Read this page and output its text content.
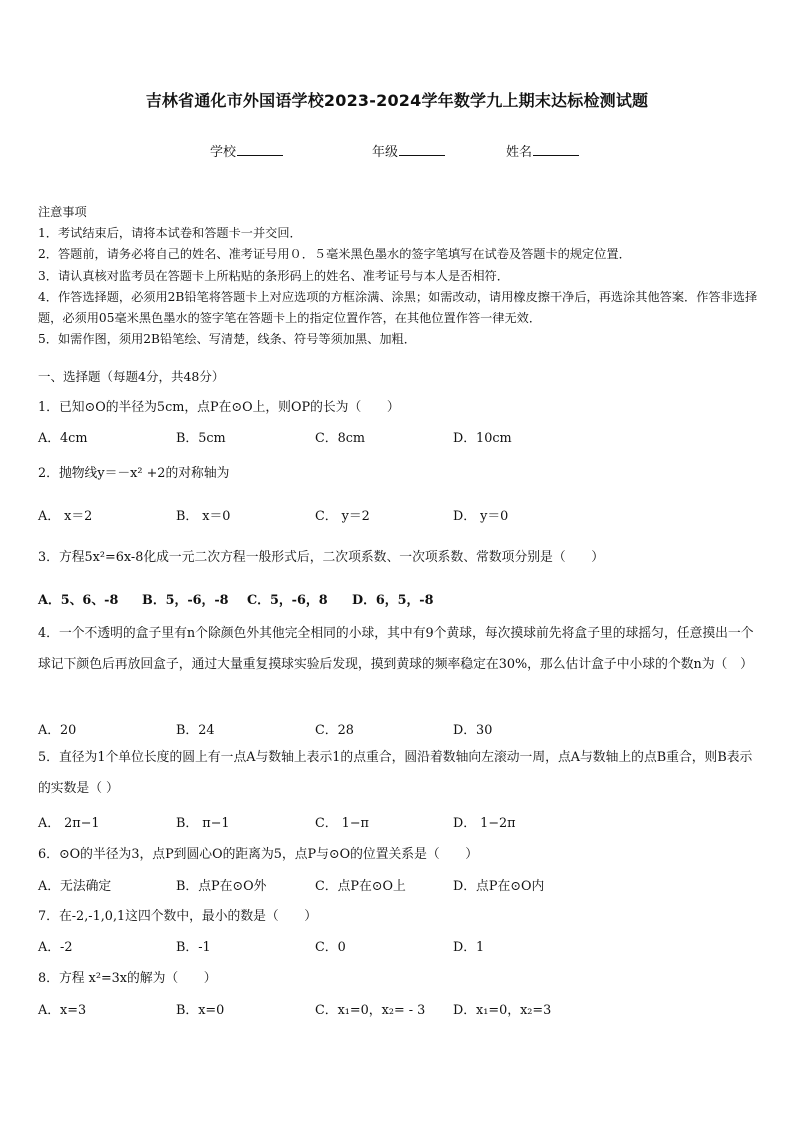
吉林省通化市外国语学校2023-2024学年数学九上期末达标检测试题
学校	年级	姓名
注意事项
1．考试结束后，请将本试卷和答题卡一并交回．
2．答题前，请务必将自己的姓名、准考证号用０．５毫米黑色墨水的签字笔填写在试卷及答题卡的规定位置．
3．请认真核对监考员在答题卡上所粘贴的条形码上的姓名、准考证号与本人是否相符．
4．作答选择题，必须用2B铅笔将答题卡上对应选项的方框涂满、涂黑；如需改动，请用橡皮擦干净后，再选涂其他答案．作答非选择题，必须用05毫米黑色墨水的签字笔在答题卡上的指定位置作答，在其他位置作答一律无效．
5．如需作图，须用2B铅笔绘、写清楚，线条、符号等须加黑、加粗．
一、选择题（每题4分，共48分）
1．已知⊙O的半径为5cm，点P在⊙O上，则OP的长为（　　）
A．4cm	B．5cm	C．8cm	D．10cm
2．抛物线y＝－x² +2的对称轴为
A． x＝2	B． x＝0	C． y＝2	D． y＝0
3．方程5x²=6x-8化成一元二次方程一般形式后，二次项系数、一次项系数、常数项分别是（　　）
A．5、6、-8 B．5，-6，-8 C．5，-6，8 D．6，5，-8
4．一个不透明的盒子里有n个除颜色外其他完全相同的小球，其中有9个黄球，每次摸球前先将盒子里的球摇匀，任意摸出一个球记下颜色后再放回盒子，通过大量重复摸球实验后发现，摸到黄球的频率稳定在30%，那么估计盒子中小球的个数n为（　）
A．20	B．24	C．28	D．30
5．直径为1个单位长度的圆上有一点A与数轴上表示1的点重合，圆沿着数轴向左滚动一周，点A与数轴上的点B重合，则B表示的实数是（ ）
A． 2π−1	B． π−1	C． 1−π	D． 1−2π
6．⊙O的半径为3，点P到圆心O的距离为5，点P与⊙O的位置关系是（　　）
A．无法确定	B．点P在⊙O外	C．点P在⊙O上	D．点P在⊙O内
7．在-2,-1,0,1这四个数中，最小的数是（　　）
A．-2	B．-1	C．0	D．1
8．方程 x²=3x的解为（　　）
A．x=3	B．x=0	C．x₁=0，x₂= - 3 D．x₁=0，x₂=3
